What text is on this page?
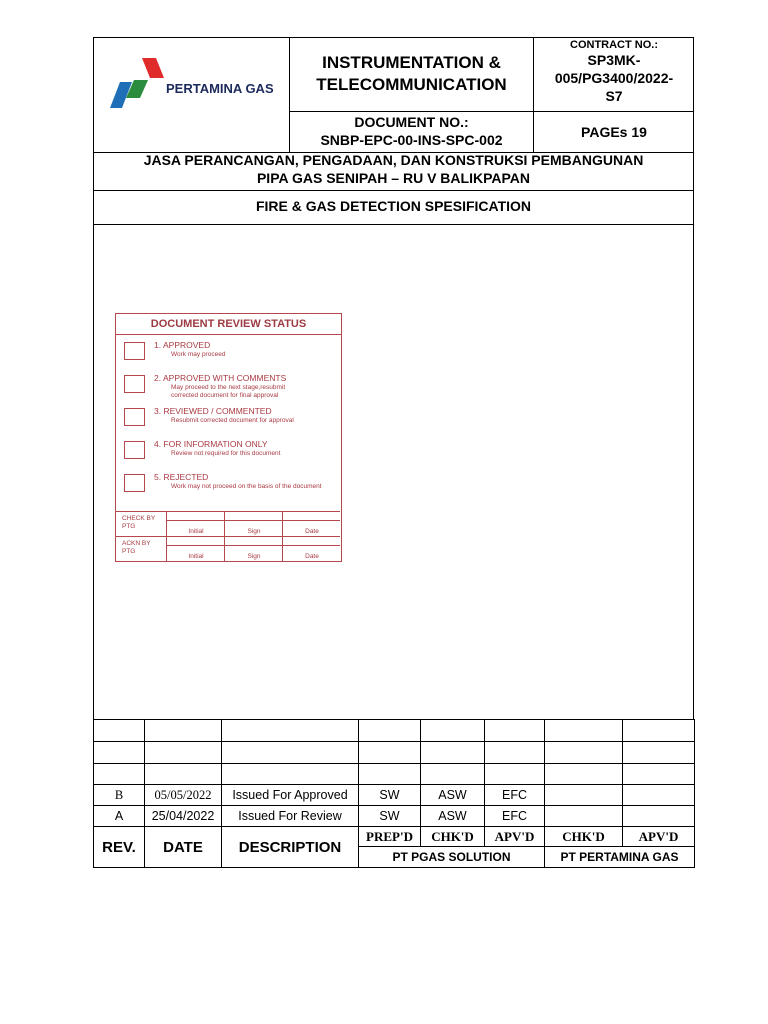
PERTAMINA GAS
INSTRUMENTATION &
TELECOMMUNICATION
CONTRACT NO.:
SP3MK-
005/PG3400/2022-
S7
DOCUMENT NO.:
SNBP-EPC-00-INS-SPC-002	PAGEs 19
JASA PERANCANGAN, PENGADAAN, DAN KONSTRUKSI PEMBANGUNAN
PIPA GAS SENIPAH – RU V BALIKPAPAN
FIRE & GAS DETECTION SPESIFICATION
DOCUMENT REVIEW STATUS
1. APPROVED
Work may proceed
2. APPROVED WITH COMMENTS
May proceed to the next stage,resubmit
corrected document for final approval
3. REVIEWED / COMMENTED
Resubmit corrected document for approval
4. FOR INFORMATION ONLY
Review not required for this document
5. REJECTED
Work may not proceed on the basis of the document
CHECK BY
PTG
Initial	Sign	Date
ACKN BY
PTG
Initial	Sign	Date

B	05/05/2022	Issued For Approved	SW	ASW	EFC		
A	25/04/2022	Issued For Review	SW	ASW	EFC		
REV.	DATE	DESCRIPTION	PREP'D	CHK'D	APV'D	CHK'D	APV'D
			PT PGAS SOLUTION			PT PERTAMINA GAS	
